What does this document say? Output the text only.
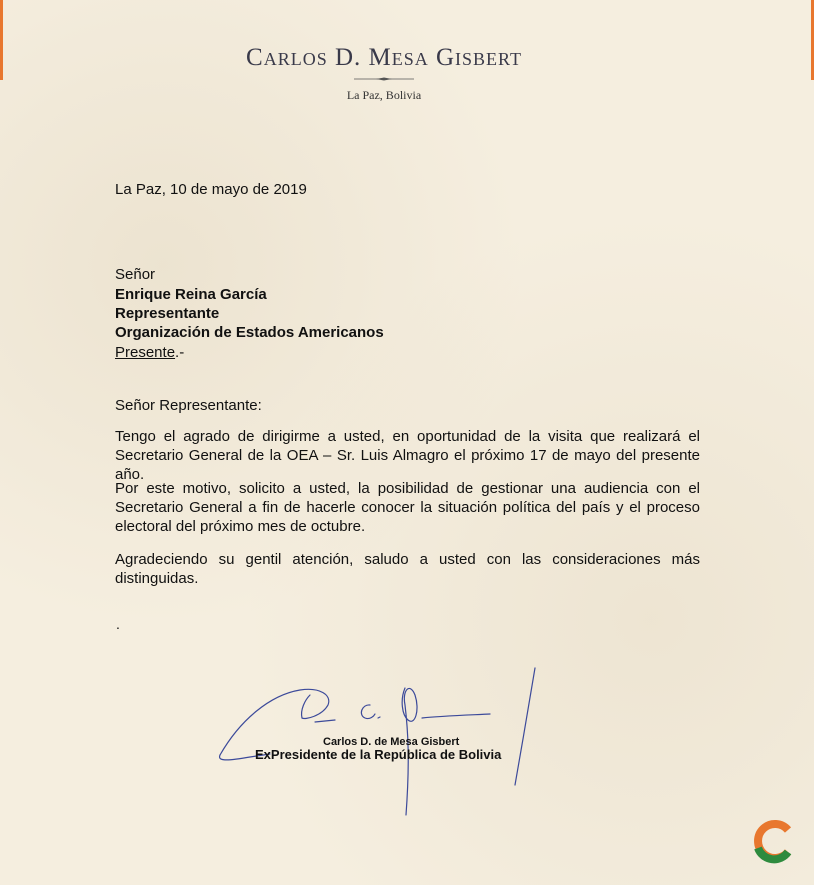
Carlos D. Mesa Gisbert
La Paz, Bolivia
La Paz, 10 de mayo de 2019
Señor
Enrique Reina García
Representante
Organización de Estados Americanos
Presente.-
Señor Representante:
Tengo el agrado de dirigirme a usted, en oportunidad de la visita que realizará el Secretario General de la OEA – Sr. Luis Almagro el próximo 17 de mayo del presente año.
Por este motivo, solicito a usted, la posibilidad de gestionar una audiencia con el Secretario General a fin de hacerle conocer la situación política del país y el proceso electoral del próximo mes de octubre.
Agradeciendo su gentil atención, saludo a usted con las consideraciones más distinguidas.
.
Carlos D. de Mesa Gisbert
ExPresidente de la República de Bolivia
